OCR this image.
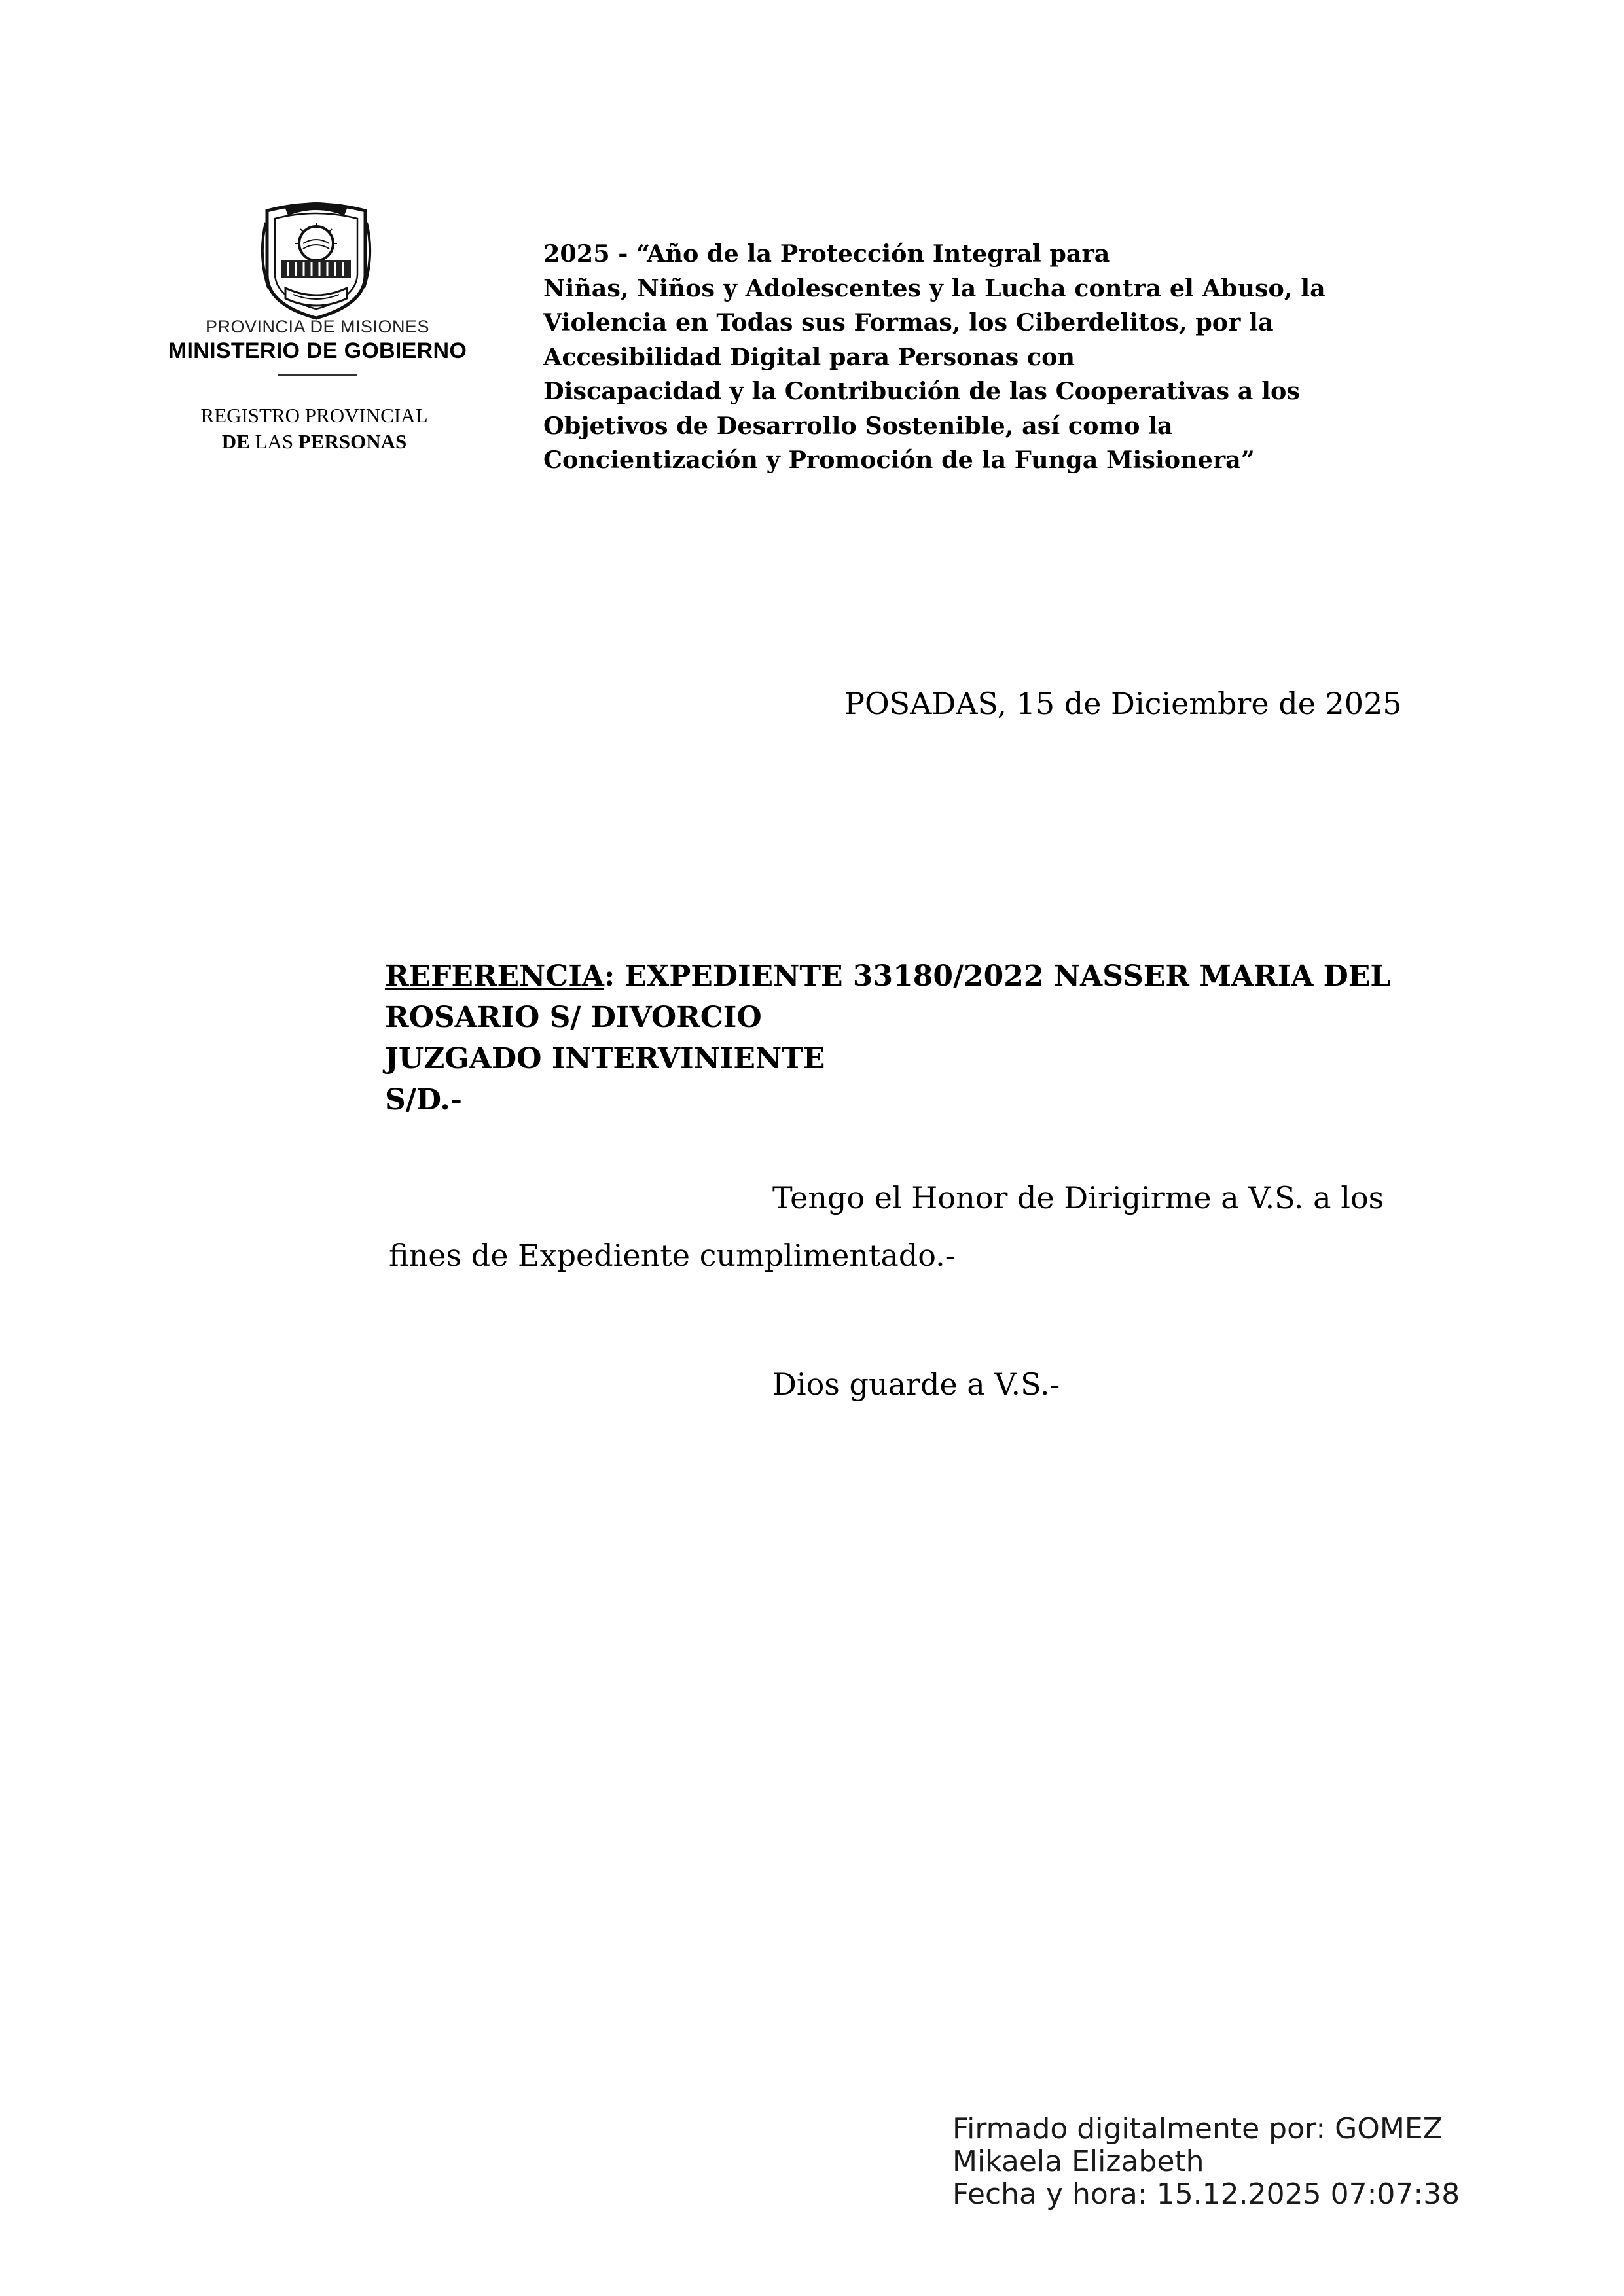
PROVINCIA DE MISIONES
MINISTERIO DE GOBIERNO
REGISTRO PROVINCIAL
DE LAS PERSONAS
2025 - “Año de la Protección Integral para
Niñas, Niños y Adolescentes y la Lucha contra el Abuso, la
Violencia en Todas sus Formas, los Ciberdelitos, por la
Accesibilidad Digital para Personas con
Discapacidad y la Contribución de las Cooperativas a los
Objetivos de Desarrollo Sostenible, así como la
Concientización y Promoción de la Funga Misionera”
POSADAS, 15 de Diciembre de 2025
REFERENCIA: EXPEDIENTE 33180/2022 NASSER MARIA DEL
ROSARIO S/ DIVORCIO
JUZGADO INTERVINIENTE
S/D.-
Tengo el Honor de Dirigirme a V.S. a los
fines de Expediente cumplimentado.-
Dios guarde a V.S.-
Firmado digitalmente por: GOMEZ
Mikaela Elizabeth
Fecha y hora: 15.12.2025 07:07:38
